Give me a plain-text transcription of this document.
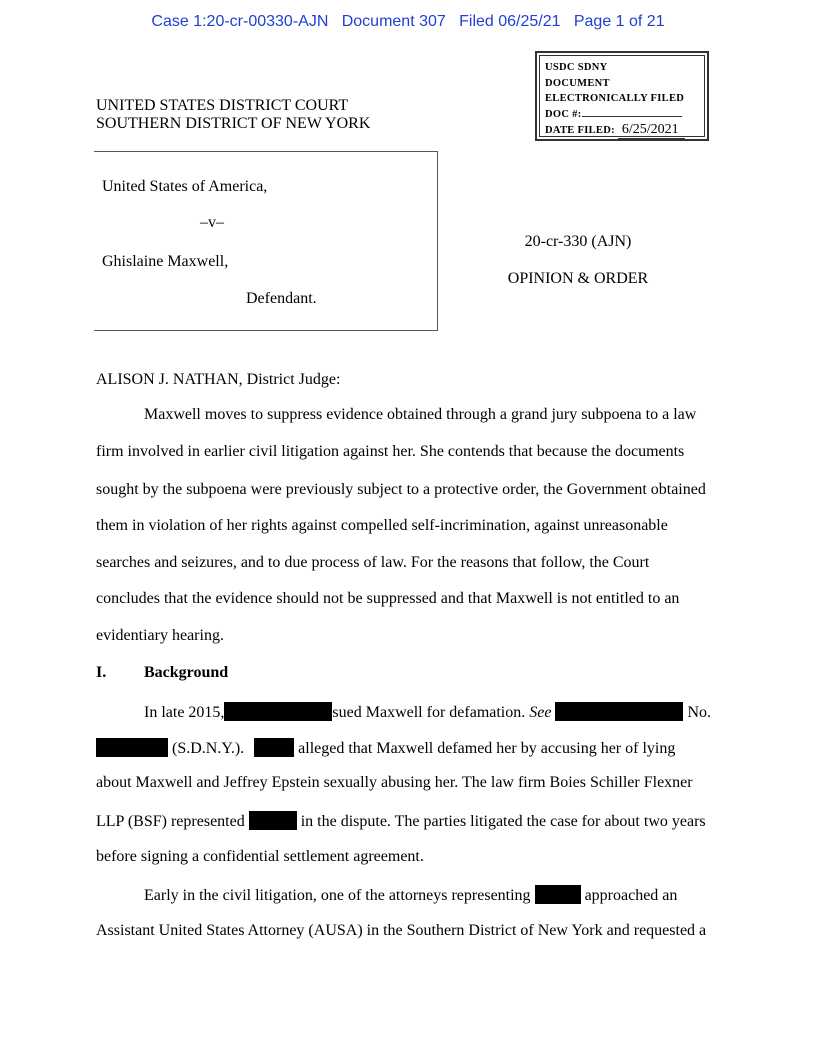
Case 1:20-cr-00330-AJN   Document 307   Filed 06/25/21   Page 1 of 21
USDC SDNY
DOCUMENT
ELECTRONICALLY FILED
DOC #:
DATE FILED: 6/25/2021
UNITED STATES DISTRICT COURT
SOUTHERN DISTRICT OF NEW YORK
United States of America,
–v–
Ghislaine Maxwell,
Defendant.
20-cr-330 (AJN)
OPINION & ORDER
ALISON J. NATHAN, District Judge:
Maxwell moves to suppress evidence obtained through a grand jury subpoena to a law
firm involved in earlier civil litigation against her. She contends that because the documents
sought by the subpoena were previously subject to a protective order, the Government obtained
them in violation of her rights against compelled self-incrimination, against unreasonable
searches and seizures, and to due process of law. For the reasons that follow, the Court
concludes that the evidence should not be suppressed and that Maxwell is not entitled to an
evidentiary hearing.
I. Background
In late 2015,	sued Maxwell for defamation. See	No.
(S.D.N.Y.).	alleged that Maxwell defamed her by accusing her of lying
about Maxwell and Jeffrey Epstein sexually abusing her. The law firm Boies Schiller Flexner
LLP (BSF) represented	in the dispute. The parties litigated the case for about two years
before signing a confidential settlement agreement.
Early in the civil litigation, one of the attorneys representing	approached an
Assistant United States Attorney (AUSA) in the Southern District of New York and requested a
